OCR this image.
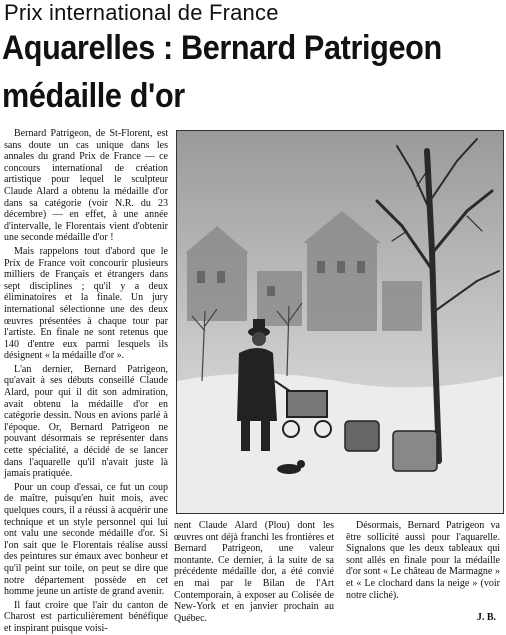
Prix international de France
Aquarelles : Bernard Patrigeon
médaille d'or

Bernard Patrigeon, de St-Florent, est sans doute un cas unique dans les annales du grand Prix de France — ce concours international de création artistique pour lequel le sculpteur Claude Alard a obtenu la médaille d'or dans sa catégorie (voir N.R. du 23 décembre) — en effet, à une année d'intervalle, le Florentais vient d'obtenir une seconde médaille d'or !

Mais rappelons tout d'abord que le Prix de France voit concourir plusieurs milliers de Français et étrangers dans sept disciplines ; qu'il y a deux éliminatoires et la finale. Un jury international sélectionne une des deux œuvres présentées à chaque tour par l'artiste. En finale ne sont retenus que 140 d'entre eux parmi lesquels ils désignent « la médaille d'or ».

L'an dernier, Bernard Patrigeon, qu'avait à ses débuts conseillé Claude Alard, pour qui il dit son admiration, avait obtenu la médaille d'or en catégorie dessin. Nous en avions parlé à l'époque. Or, Bernard Patrigeon ne pouvant désormais se représenter dans cette spécialité, a décidé de se lancer dans l'aquarelle qu'il n'avait juste là jamais pratiquée.

Pour un coup d'essai, ce fut un coup de maître, puisqu'en huit mois, avec quelques cours, il a réussi à acquérir une technique et un style personnel qui lui ont valu une seconde médaille d'or. Si l'on sait que le Florentais réalise aussi des peintures sur émaux avec bonheur et qu'il peint sur toile, on peut se dire que notre département possède en cet homme jeune un artiste de grand avenir.

Il faut croire que l'air du canton de Charost est particulièrement bénéfique et inspirant puisque voisi-

nent Claude Alard (Plou) dont les œuvres ont déjà franchi les frontières et Bernard Patrigeon, une valeur montante. Ce dernier, à la suite de sa précédente médaille dor, a été convié en mai par le Bilan de l'Art Contemporain, à exposer au Colisée de New-York et en janvier prochain au Québec.

Désormais, Bernard Patrigeon va être sollicité aussi pour l'aquarelle. Signalons que les deux tableaux qui sont allés en finale pour la médaille d'or sont « Le château de Marmagne » et « Le clochard dans la neige » (voir notre cliché).

J. B.
